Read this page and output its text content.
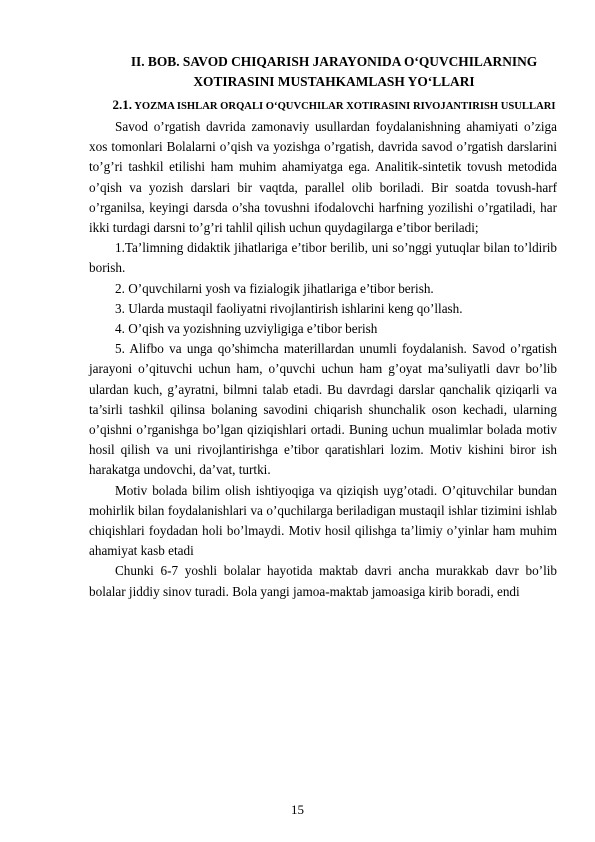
II. BOB. SAVOD CHIQARISH JARAYONIDA O‘QUVCHILARNING XOTIRASINI MUSTAHKAMLASH YO‘LLARI
2.1. YOZMA ISHLAR ORQALI O‘QUVCHILAR XOTIRASINI RIVOJANTIRISH USULLARI

Savod o’rgatish davrida zamonaviy usullardan foydalanishning ahamiyati o’ziga xos tomonlari Bolalarni o’qish va yozishga o’rgatish, davrida savod o’rgatish darslarini to’g’ri tashkil etilishi ham muhim ahamiyatga ega. Analitik-sintetik tovush metodida o’qish va yozish darslari bir vaqtda, parallel olib boriladi. Bir soatda tovush-harf o’rganilsa, keyingi darsda o’sha tovushni ifodalovchi harfning yozilishi o’rgatiladi, har ikki turdagi darsni to’g’ri tahlil qilish uchun quydagilarga e’tibor beriladi;

1.Ta’limning didaktik jihatlariga e’tibor berilib, uni so’nggi yutuqlar bilan to’ldirib borish.

2. O’quvchilarni yosh va fizialogik jihatlariga e’tibor berish.

3. Ularda mustaqil faoliyatni rivojlantirish ishlarini keng qo’llash.

4. O’qish va yozishning uzviyligiga e’tibor berish

5. Alifbo va unga qo’shimcha materillardan unumli foydalanish. Savod o’rgatish jarayoni o’qituvchi uchun ham, o’quvchi uchun ham g’oyat ma’suliyatli davr bo’lib ulardan kuch, g’ayratni, bilmni talab etadi. Bu davrdagi darslar qanchalik qiziqarli va ta’sirli tashkil qilinsa bolaning savodini chiqarish shunchalik oson kechadi, ularning o’qishni o’rganishga bo’lgan qiziqishlari ortadi. Buning uchun mualimlar bolada motiv hosil qilish va uni rivojlantirishga e’tibor qaratishlari lozim. Motiv kishini biror ish harakatga undovchi, da’vat, turtki.

Motiv bolada bilim olish ishtiyoqiga va qiziqish uyg’otadi. O’qituvchilar bundan mohirlik bilan foydalanishlari va o’quchilarga beriladigan mustaqil ishlar tizimini ishlab chiqishlari foydadan holi bo’lmaydi. Motiv hosil qilishga ta’limiy o’yinlar ham muhim ahamiyat kasb etadi

Chunki 6-7 yoshli bolalar hayotida maktab davri ancha murakkab davr bo’lib bolalar jiddiy sinov turadi. Bola yangi jamoa-maktab jamoasiga kirib boradi, endi

15
